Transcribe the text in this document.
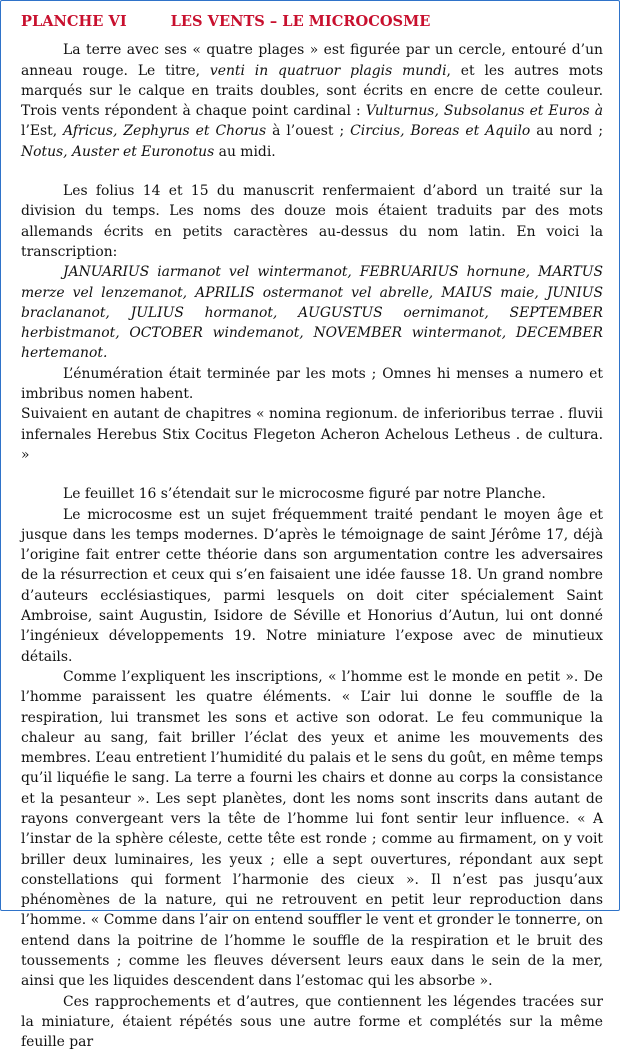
PLANCHE VI	LES VENTS – LE MICROCOSME

La terre avec ses « quatre plages » est figurée par un cercle, entouré d’un anneau rouge. Le titre, venti in quatruor plagis mundi, et les autres mots marqués sur le calque en traits doubles, sont écrits en encre de cette couleur. Trois vents répondent à chaque point cardinal : Vulturnus, Subsolanus et Euros à l’Est, Africus, Zephyrus et Chorus à l’ouest ; Circius, Boreas et Aquilo au nord ; Notus, Auster et Euronotus au midi.

Les folius 14 et 15 du manuscrit renfermaient d’abord un traité sur la division du temps. Les noms des douze mois étaient traduits par des mots allemands écrits en petits caractères au-dessus du nom latin. En voici la transcription:

JANUARIUS iarmanot vel wintermanot, FEBRUARIUS hornune, MARTUS merze vel lenzemanot, APRILIS ostermanot vel abrelle, MAIUS maie, JUNIUS braclananot, JULIUS hormanot, AUGUSTUS oernimanot, SEPTEMBER herbistmanot, OCTOBER windemanot, NOVEMBER wintermanot, DECEMBER hertemanot.

L’énumération était terminée par les mots ; Omnes hi menses a numero et imbribus nomen habent.

Suivaient en autant de chapitres « nomina regionum. de inferioribus terrae . fluvii infernales Herebus Stix Cocitus Flegeton Acheron Achelous Letheus . de cultura. »

Le feuillet 16 s’étendait sur le microcosme figuré par notre Planche.

Le microcosme est un sujet fréquemment traité pendant le moyen âge et jusque dans les temps modernes. D’après le témoignage de saint Jérôme 17, déjà l’origine fait entrer cette théorie dans son argumentation contre les adversaires de la résurrection et ceux qui s’en faisaient une idée fausse 18. Un grand nombre d’auteurs ecclésiastiques, parmi lesquels on doit citer spécialement Saint Ambroise, saint Augustin, Isidore de Séville et Honorius d’Autun, lui ont donné l’ingénieux développements 19. Notre miniature l’expose avec de minutieux détails.

Comme l’expliquent les inscriptions, « l’homme est le monde en petit ». De l’homme paraissent les quatre éléments. « L’air lui donne le souffle de la respiration, lui transmet les sons et active son odorat. Le feu communique la chaleur au sang, fait briller l’éclat des yeux et anime les mouvements des membres. L’eau entretient l’humidité du palais et le sens du goût, en même temps qu’il liquéfie le sang. La terre a fourni les chairs et donne au corps la consistance et la pesanteur ». Les sept planètes, dont les noms sont inscrits dans autant de rayons convergeant vers la tête de l’homme lui font sentir leur influence. « A l’instar de la sphère céleste, cette tête est ronde ; comme au firmament, on y voit briller deux luminaires, les yeux ; elle a sept ouvertures, répondant aux sept constellations qui forment l’harmonie des cieux ». Il n’est pas jusqu’aux phénomènes de la nature, qui ne retrouvent en petit leur reproduction dans l’homme. « Comme dans l’air on entend souffler le vent et gronder le tonnerre, on entend dans la poitrine de l’homme le souffle de la respiration et le bruit des toussements ; comme les fleuves déversent leurs eaux dans le sein de la mer, ainsi que les liquides descendent dans l’estomac qui les absorbe ».

Ces rapprochements et d’autres, que contiennent les légendes tracées sur la miniature, étaient répétés sous une autre forme et complétés sur la même feuille par
